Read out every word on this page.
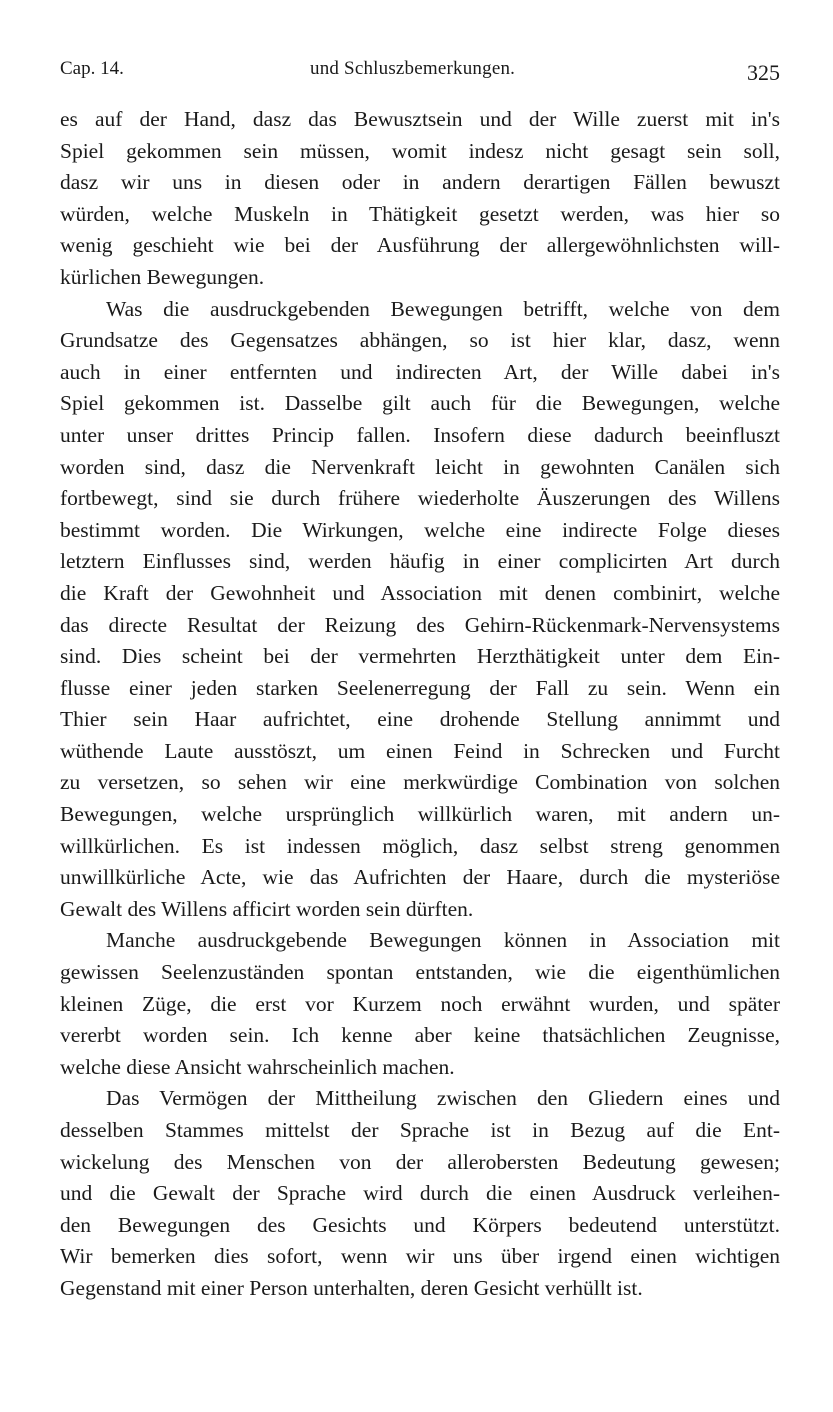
Cap. 14.	und Schluszbemerkungen.	325
es auf der Hand, dasz das Bewusztsein und der Wille zuerst mit in's
Spiel gekommen sein müssen, womit indesz nicht gesagt sein soll,
dasz wir uns in diesen oder in andern derartigen Fällen bewuszt
würden, welche Muskeln in Thätigkeit gesetzt werden, was hier so
wenig geschieht wie bei der Ausführung der allergewöhnlichsten will-
kürlichen Bewegungen.
Was die ausdruckgebenden Bewegungen betrifft, welche von dem
Grundsatze des Gegensatzes abhängen, so ist hier klar, dasz, wenn
auch in einer entfernten und indirecten Art, der Wille dabei in's
Spiel gekommen ist. Dasselbe gilt auch für die Bewegungen, welche
unter unser drittes Princip fallen. Insofern diese dadurch beeinfluszt
worden sind, dasz die Nervenkraft leicht in gewohnten Canälen sich
fortbewegt, sind sie durch frühere wiederholte Äuszerungen des Willens
bestimmt worden. Die Wirkungen, welche eine indirecte Folge dieses
letztern Einflusses sind, werden häufig in einer complicirten Art durch
die Kraft der Gewohnheit und Association mit denen combinirt, welche
das directe Resultat der Reizung des Gehirn-Rückenmark-Nervensystems
sind. Dies scheint bei der vermehrten Herzthätigkeit unter dem Ein-
flusse einer jeden starken Seelenerregung der Fall zu sein. Wenn ein
Thier sein Haar aufrichtet, eine drohende Stellung annimmt und
wüthende Laute ausstöszt, um einen Feind in Schrecken und Furcht
zu versetzen, so sehen wir eine merkwürdige Combination von solchen
Bewegungen, welche ursprünglich willkürlich waren, mit andern un-
willkürlichen. Es ist indessen möglich, dasz selbst streng genommen
unwillkürliche Acte, wie das Aufrichten der Haare, durch die mysteriöse
Gewalt des Willens afficirt worden sein dürften.
Manche ausdruckgebende Bewegungen können in Association mit
gewissen Seelenzuständen spontan entstanden, wie die eigenthümlichen
kleinen Züge, die erst vor Kurzem noch erwähnt wurden, und später
vererbt worden sein. Ich kenne aber keine thatsächlichen Zeugnisse,
welche diese Ansicht wahrscheinlich machen.
Das Vermögen der Mittheilung zwischen den Gliedern eines und
desselben Stammes mittelst der Sprache ist in Bezug auf die Ent-
wickelung des Menschen von der allerobersten Bedeutung gewesen;
und die Gewalt der Sprache wird durch die einen Ausdruck verleihen-
den Bewegungen des Gesichts und Körpers bedeutend unterstützt.
Wir bemerken dies sofort, wenn wir uns über irgend einen wichtigen
Gegenstand mit einer Person unterhalten, deren Gesicht verhüllt ist.
